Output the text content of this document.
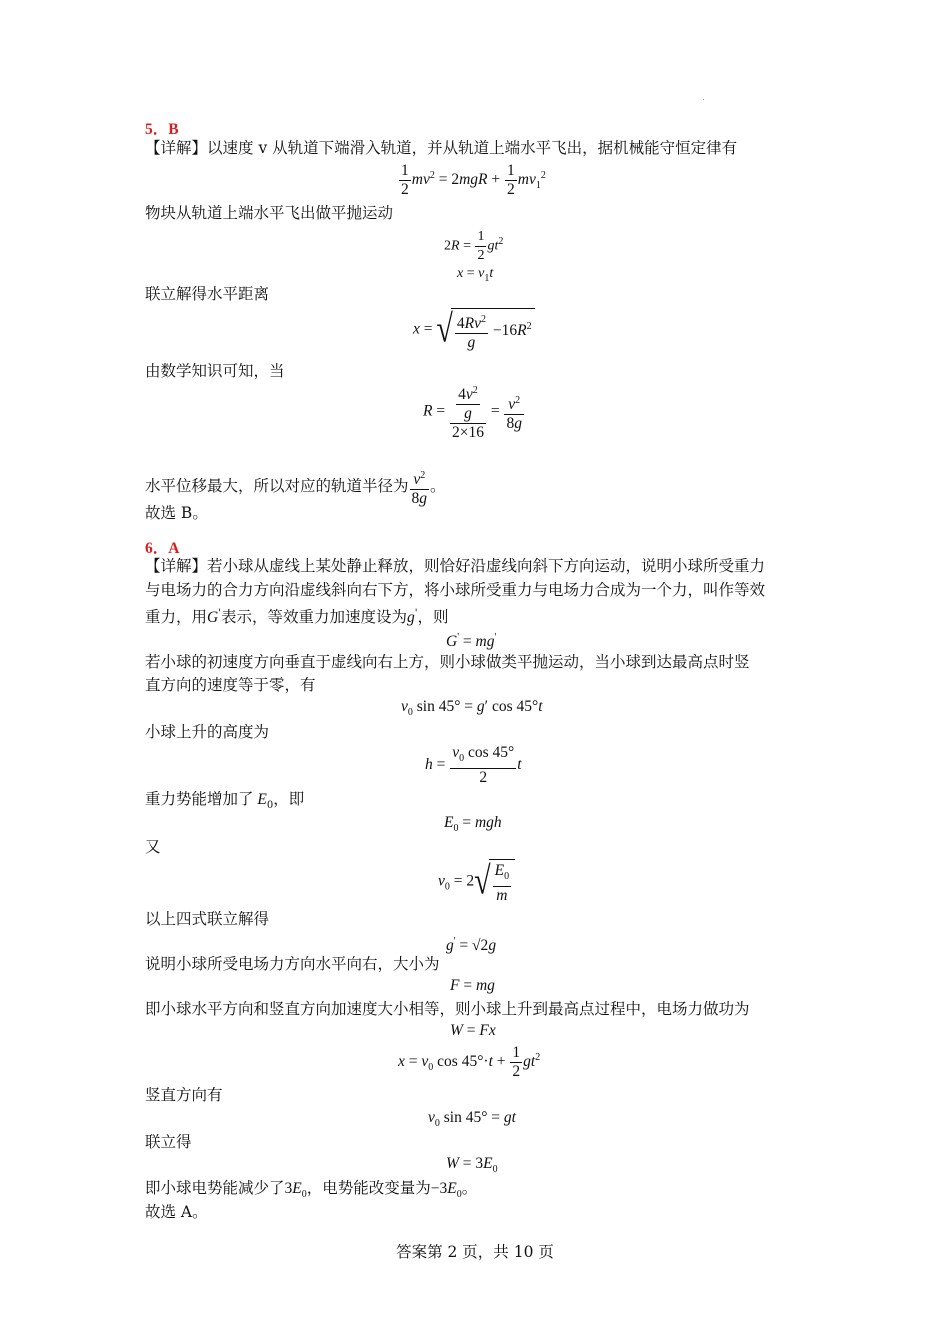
5．B
【详解】以速度 v 从轨道下端滑入轨道，并从轨道上端水平飞出，据机械能守恒定律有
$\frac{1}{2} mv^2 = 2mgR + \frac{1}{2} mv_1^2$
物块从轨道上端水平飞出做平抛运动
$2R = \frac{1}{2} gt^2$
$x = v_1t$
联立解得水平距离
x = √ $\frac{4Rv^2}{g} -16R^2$
由数学知识可知，当
$R = \frac{\frac{4v^2}{g}}{2\times 16} = \frac{v^2}{8g}$
水平位移最大，所以对应的轨道半径为 $\frac{v^2}{8g}$ 。
故选 B。
6．A
【详解】若小球从虚线上某处静止释放，则恰好沿虚线向斜下方向运动，说明小球所受重力
与电场力的合力方向沿虚线斜向右下方，将小球所受重力与电场力合成为一个力，叫作等效
重力，用G'表示，等效重力加速度设为g'，则
G' = mg'
若小球的初速度方向垂直于虚线向右上方，则小球做类平抛运动，当小球到达最高点时竖
直方向的速度等于零，有
$v_0$ sin 45° = g′ cos 45°t
小球上升的高度为
$h = \frac{v_0 \cos 45^\circ}{2}$ t
重力势能增加了 $E_0$，即
$E_0$ = mgh
又
$v_0 = 2√ \frac{E_0}{m}$
以上四式联立解得
g' = √2g
说明小球所受电场力方向水平向右，大小为
F = mg
即小球水平方向和竖直方向加速度大小相等，则小球上升到最高点过程中，电场力做功为
W = Fx
$x = v_0$ $\cos 45^\circ\cdot t + \frac{1}{2} gt^2$
竖直方向有
$v_0$ sin 45° = gt
联立得
$W = 3E_0$
即小球电势能减少了$3E_0$，电势能改变量为$-3E_0$。
故选 A。
答案第 2 页，共 10 页
